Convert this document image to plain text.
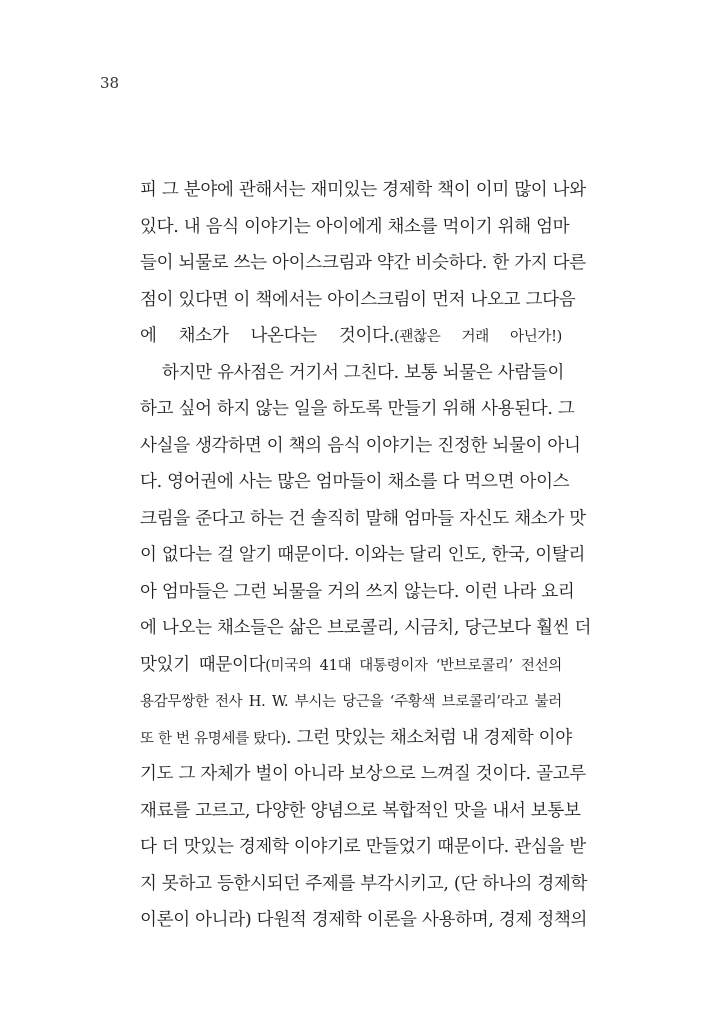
38
피 그 분야에 관해서는 재미있는 경제학 책이 이미 많이 나와
있다. 내 음식 이야기는 아이에게 채소를 먹이기 위해 엄마
들이 뇌물로 쓰는 아이스크림과 약간 비슷하다. 한 가지 다른
점이 있다면 이 책에서는 아이스크림이 먼저 나오고 그다음
에 채소가 나온다는 것이다.(괜찮은 거래 아닌가!)
하지만 유사점은 거기서 그친다. 보통 뇌물은 사람들이
하고 싶어 하지 않는 일을 하도록 만들기 위해 사용된다. 그
사실을 생각하면 이 책의 음식 이야기는 진정한 뇌물이 아니
다. 영어권에 사는 많은 엄마들이 채소를 다 먹으면 아이스
크림을 준다고 하는 건 솔직히 말해 엄마들 자신도 채소가 맛
이 없다는 걸 알기 때문이다. 이와는 달리 인도, 한국, 이탈리
아 엄마들은 그런 뇌물을 거의 쓰지 않는다. 이런 나라 요리
에 나오는 채소들은 삶은 브로콜리, 시금치, 당근보다 훨씬 더
맛있기 때문이다(미국의 41대 대통령이자 ‘반브로콜리’ 전선의
용감무쌍한 전사 H. W. 부시는 당근을 ‘주황색 브로콜리’라고 불러
또 한 번 유명세를 탔다). 그런 맛있는 채소처럼 내 경제학 이야
기도 그 자체가 벌이 아니라 보상으로 느껴질 것이다. 골고루
재료를 고르고, 다양한 양념으로 복합적인 맛을 내서 보통보
다 더 맛있는 경제학 이야기로 만들었기 때문이다. 관심을 받
지 못하고 등한시되던 주제를 부각시키고, (단 하나의 경제학
이론이 아니라) 다원적 경제학 이론을 사용하며, 경제 정책의
